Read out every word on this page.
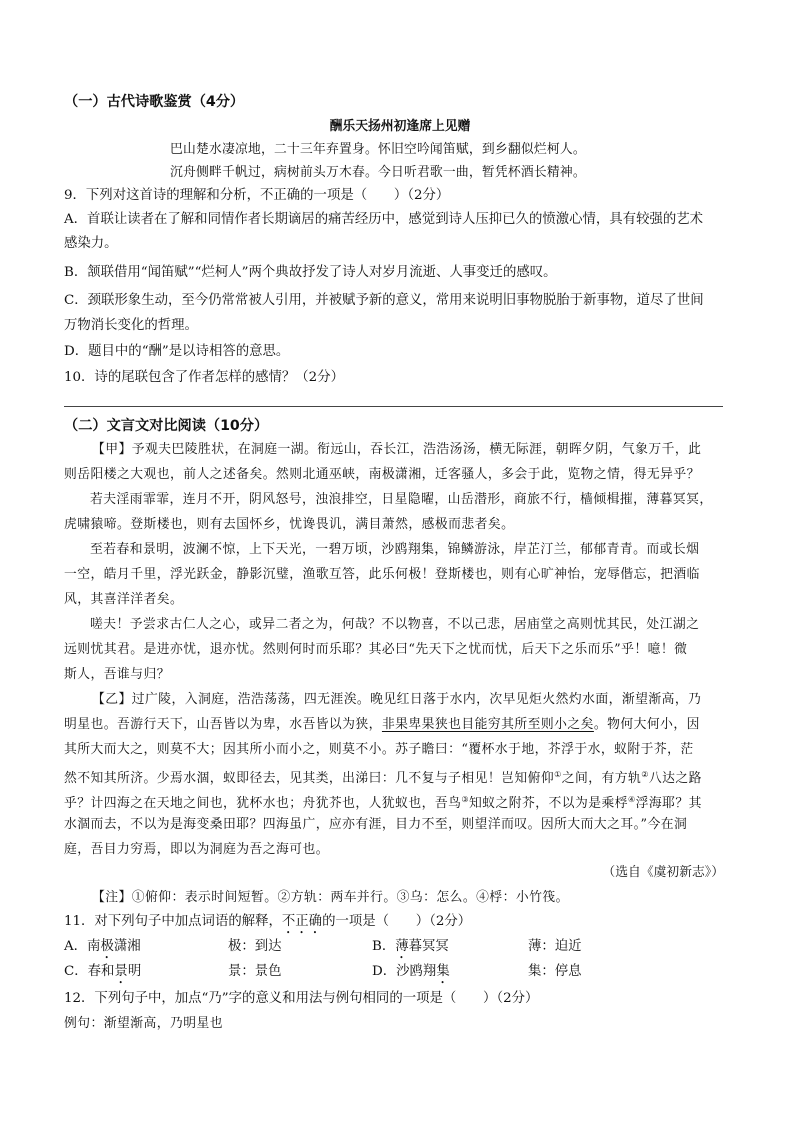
（一）古代诗歌鉴赏（4分）
酬乐天扬州初逢席上见赠
巴山楚水凄凉地，二十三年弃置身。怀旧空吟闻笛赋，到乡翻似烂柯人。
沉舟侧畔千帆过，病树前头万木春。今日听君歌一曲，暂凭杯酒长精神。
9．下列对这首诗的理解和分析，不正确的一项是（　　）（2分）
A．首联让读者在了解和同情作者长期谪居的痛苦经历中，感觉到诗人压抑已久的愤激心情，具有较强的艺术
感染力。
B．颔联借用“闻笛赋”“烂柯人”两个典故抒发了诗人对岁月流逝、人事变迁的感叹。
C．颈联形象生动，至今仍常常被人引用，并被赋予新的意义，常用来说明旧事物脱胎于新事物，道尽了世间
万物消长变化的哲理。
D．题目中的“酬”是以诗相答的意思。
10．诗的尾联包含了作者怎样的感情？（2分）
（二）文言文对比阅读（10分）
【甲】予观夫巴陵胜状，在洞庭一湖。衔远山，吞长江，浩浩汤汤，横无际涯，朝晖夕阴，气象万千，此
则岳阳楼之大观也，前人之述备矣。然则北通巫峡，南极潇湘，迁客骚人，多会于此，览物之情，得无异乎？
若夫淫雨霏霏，连月不开，阴风怒号，浊浪排空，日星隐曜，山岳潜形，商旅不行，樯倾楫摧，薄暮冥冥，
虎啸猿啼。登斯楼也，则有去国怀乡，忧谗畏讥，满目萧然，感极而悲者矣。
至若春和景明，波澜不惊，上下天光，一碧万顷，沙鸥翔集，锦鳞游泳，岸芷汀兰，郁郁青青。而或长烟
一空，皓月千里，浮光跃金，静影沉璧，渔歌互答，此乐何极！登斯楼也，则有心旷神怡，宠辱偕忘，把酒临
风，其喜洋洋者矣。
嗟夫！予尝求古仁人之心，或异二者之为，何哉？不以物喜，不以己悲，居庙堂之高则忧其民，处江湖之
远则忧其君。是进亦忧，退亦忧。然则何时而乐耶？其必曰“先天下之忧而忧，后天下之乐而乐”乎！噫！微
斯人，吾谁与归？
【乙】过广陵，入洞庭，浩浩荡荡，四无涯涘。晚见红日落于水内，次早见炬火然灼水面，渐望渐高，乃
明星也。吾游行天下，山吾皆以为卑，水吾皆以为狭，非果卑果狭也目能穷其所至则小之矣。物何大何小，因
其所大而大之，则莫不大；因其所小而小之，则莫不小。苏子瞻曰：“覆杯水于地，芥浮于水，蚁附于芥，茫
然不知其所济。少焉水涸，蚁即径去，见其类，出涕曰：几不复与子相见！岂知俯仰①之间，有方轨②八达之路
乎？计四海之在天地之间也，犹杯水也；舟犹芥也，人犹蚁也，吾鸟③知蚁之附芥，不以为是乘桴④浮海耶？其
水涸而去，不以为是海变桑田耶？四海虽广，应亦有涯，目力不至，则望洋而叹。因所大而大之耳。”今在洞
庭，吾目力穷焉，即以为洞庭为吾之海可也。
（选自《虞初新志》）
【注】①俯仰：表示时间短暂。②方轨：两车并行。③乌：怎么。④桴：小竹筏。
11．对下列句子中加点词语的解释，不正确的一项是（　　）（2分）
A．南极潇湘	极：到达	B．薄暮冥冥	薄：迫近
C．春和景明	景：景色	D．沙鸥翔集	集：停息
12．下列句子中，加点“乃”字的意义和用法与例句相同的一项是（　　）（2分）
例句：渐望渐高，乃明星也
